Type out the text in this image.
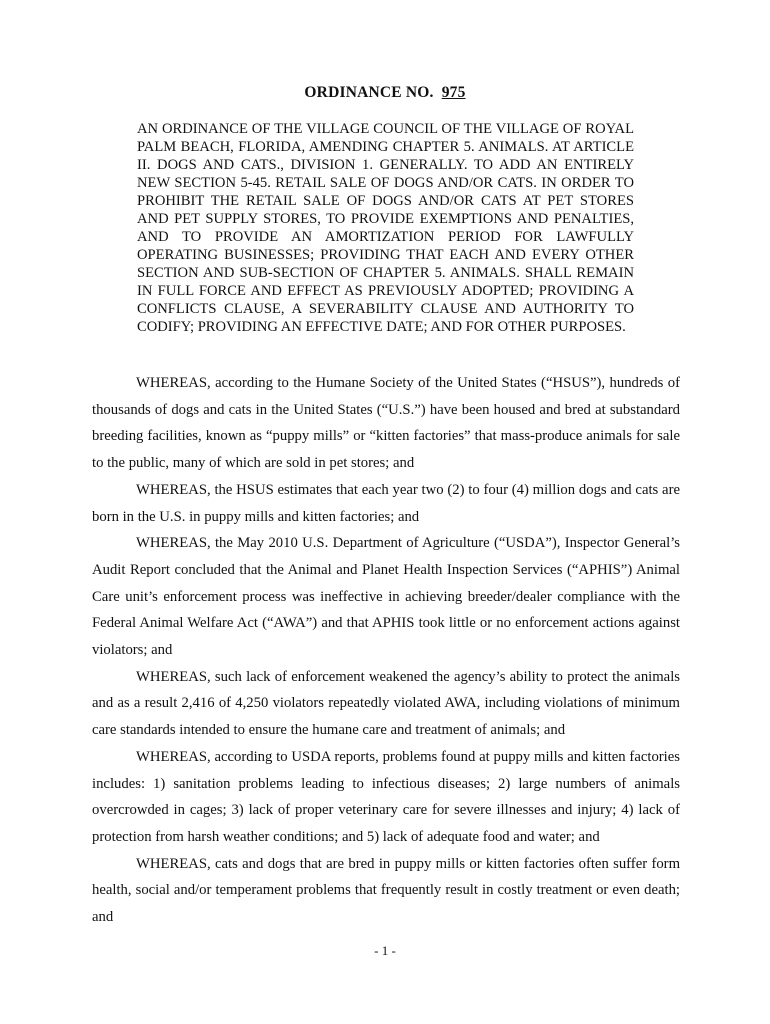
ORDINANCE NO. 975

AN ORDINANCE OF THE VILLAGE COUNCIL OF THE VILLAGE OF ROYAL PALM BEACH, FLORIDA, AMENDING CHAPTER 5. ANIMALS. AT ARTICLE II. DOGS AND CATS., DIVISION 1. GENERALLY. TO ADD AN ENTIRELY NEW SECTION 5-45. RETAIL SALE OF DOGS AND/OR CATS. IN ORDER TO PROHIBIT THE RETAIL SALE OF DOGS AND/OR CATS AT PET STORES AND PET SUPPLY STORES, TO PROVIDE EXEMPTIONS AND PENALTIES, AND TO PROVIDE AN AMORTIZATION PERIOD FOR LAWFULLY OPERATING BUSINESSES; PROVIDING THAT EACH AND EVERY OTHER SECTION AND SUB-SECTION OF CHAPTER 5. ANIMALS. SHALL REMAIN IN FULL FORCE AND EFFECT AS PREVIOUSLY ADOPTED; PROVIDING A CONFLICTS CLAUSE, A SEVERABILITY CLAUSE AND AUTHORITY TO CODIFY; PROVIDING AN EFFECTIVE DATE; AND FOR OTHER PURPOSES.

WHEREAS, according to the Humane Society of the United States (“HSUS”), hundreds of thousands of dogs and cats in the United States (“U.S.”) have been housed and bred at substandard breeding facilities, known as “puppy mills” or “kitten factories” that mass-produce animals for sale to the public, many of which are sold in pet stores; and

WHEREAS, the HSUS estimates that each year two (2) to four (4) million dogs and cats are born in the U.S. in puppy mills and kitten factories; and

WHEREAS, the May 2010 U.S. Department of Agriculture (“USDA”), Inspector General’s Audit Report concluded that the Animal and Planet Health Inspection Services (“APHIS”) Animal Care unit’s enforcement process was ineffective in achieving breeder/dealer compliance with the Federal Animal Welfare Act (“AWA”) and that APHIS took little or no enforcement actions against violators; and

WHEREAS, such lack of enforcement weakened the agency’s ability to protect the animals and as a result 2,416 of 4,250 violators repeatedly violated AWA, including violations of minimum care standards intended to ensure the humane care and treatment of animals; and

WHEREAS, according to USDA reports, problems found at puppy mills and kitten factories includes: 1) sanitation problems leading to infectious diseases; 2) large numbers of animals overcrowded in cages; 3) lack of proper veterinary care for severe illnesses and injury; 4) lack of protection from harsh weather conditions; and 5) lack of adequate food and water; and

WHEREAS, cats and dogs that are bred in puppy mills or kitten factories often suffer form health, social and/or temperament problems that frequently result in costly treatment or even death; and

- 1 -
